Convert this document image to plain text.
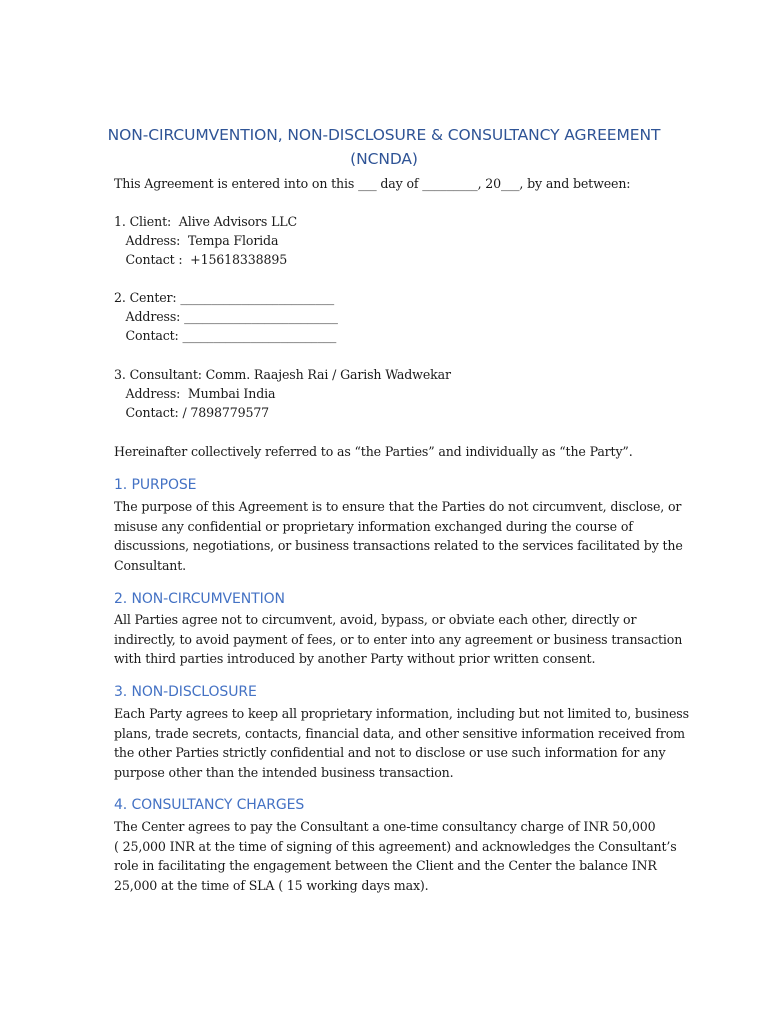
NON-CIRCUMVENTION, NON-DISCLOSURE & CONSULTANCY AGREEMENT
(NCNDA)
This Agreement is entered into on this ___ day of _________, 20___, by and between:
1. Client:  Alive Advisors LLC
Address:  Tempa Florida
Contact :  +15618338895
2. Center: _________________________
Address: _________________________
Contact: _________________________
3. Consultant: Comm. Raajesh Rai / Garish Wadwekar
Address:  Mumbai India
Contact: / 7898779577
Hereinafter collectively referred to as “the Parties” and individually as “the Party”.
1. PURPOSE
The purpose of this Agreement is to ensure that the Parties do not circumvent, disclose, or
misuse any confidential or proprietary information exchanged during the course of
discussions, negotiations, or business transactions related to the services facilitated by the
Consultant.
2. NON-CIRCUMVENTION
All Parties agree not to circumvent, avoid, bypass, or obviate each other, directly or
indirectly, to avoid payment of fees, or to enter into any agreement or business transaction
with third parties introduced by another Party without prior written consent.
3. NON-DISCLOSURE
Each Party agrees to keep all proprietary information, including but not limited to, business
plans, trade secrets, contacts, financial data, and other sensitive information received from
the other Parties strictly confidential and not to disclose or use such information for any
purpose other than the intended business transaction.
4. CONSULTANCY CHARGES
The Center agrees to pay the Consultant a one-time consultancy charge of INR 50,000
( 25,000 INR at the time of signing of this agreement) and acknowledges the Consultant’s
role in facilitating the engagement between the Client and the Center the balance INR
25,000 at the time of SLA ( 15 working days max).
